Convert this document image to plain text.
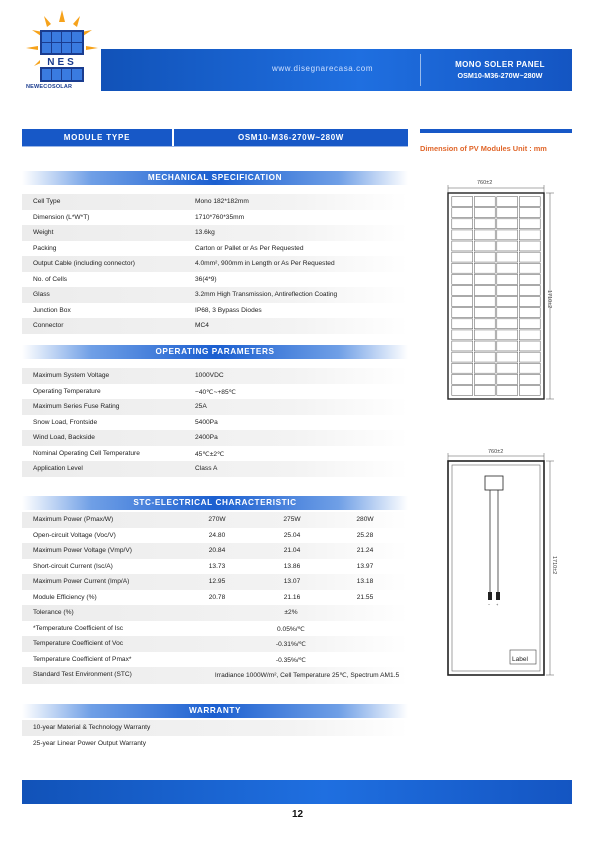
NES
NEWECOSOLAR
www.disegnarecasa.com	MONO SOLER PANEL
OSM10-M36-270W~280W
MODULE TYPE	OSM10-M36-270W~280W
Dimension of PV Modules Unit : mm
MECHANICAL SPECIFICATION
Cell Type	Mono 182*182mm
Dimension (L*W*T)	1710*760*35mm
Weight	13.6kg
Packing	Carton or Pallet or As Per Requested
Output Cable (including connector)	4.0mm², 900mm in Length or As Per Requested
No. of Cells	36(4*9)
Glass	3.2mm High Transmission, Antireflection Coating
Junction Box	IP68, 3 Bypass Diodes
Connector	MC4
OPERATING PARAMETERS
Maximum System Voltage	1000VDC
Operating Temperature	−40℃~+85℃
Maximum Series Fuse Rating	25A
Snow Load, Frontside	5400Pa
Wind Load, Backside	2400Pa
Nominal Operating Cell Temperature	45℃±2℃
Application Level	Class A
STC-ELECTRICAL CHARACTERISTIC
Maximum Power (Pmax/W)	270W	275W	280W
Open-circuit Voltage (Voc/V)	24.80	25.04	25.28
Maximum Power Voltage (Vmp/V)	20.84	21.04	21.24
Short-circuit Current (Isc/A)	13.73	13.86	13.97
Maximum Power Current (Imp/A)	12.95	13.07	13.18
Module Efficiency (%)	20.78	21.16	21.55
Tolerance (%)	±2%
*Temperature Coefficient of Isc	0.05%/℃
Temperature Coefficient of Voc	-0.31%/℃
Temperature Coefficient of Pmax*	-0.35%/℃
Standard Test Environment (STC)	Irradiance 1000W/m², Cell Temperature 25℃, Spectrum AM1.5
WARRANTY
10-year Material & Technology Warranty
25-year Linear Power Output Warranty
760±2
1710±2
− +
760±2
1710±2
Label
12
